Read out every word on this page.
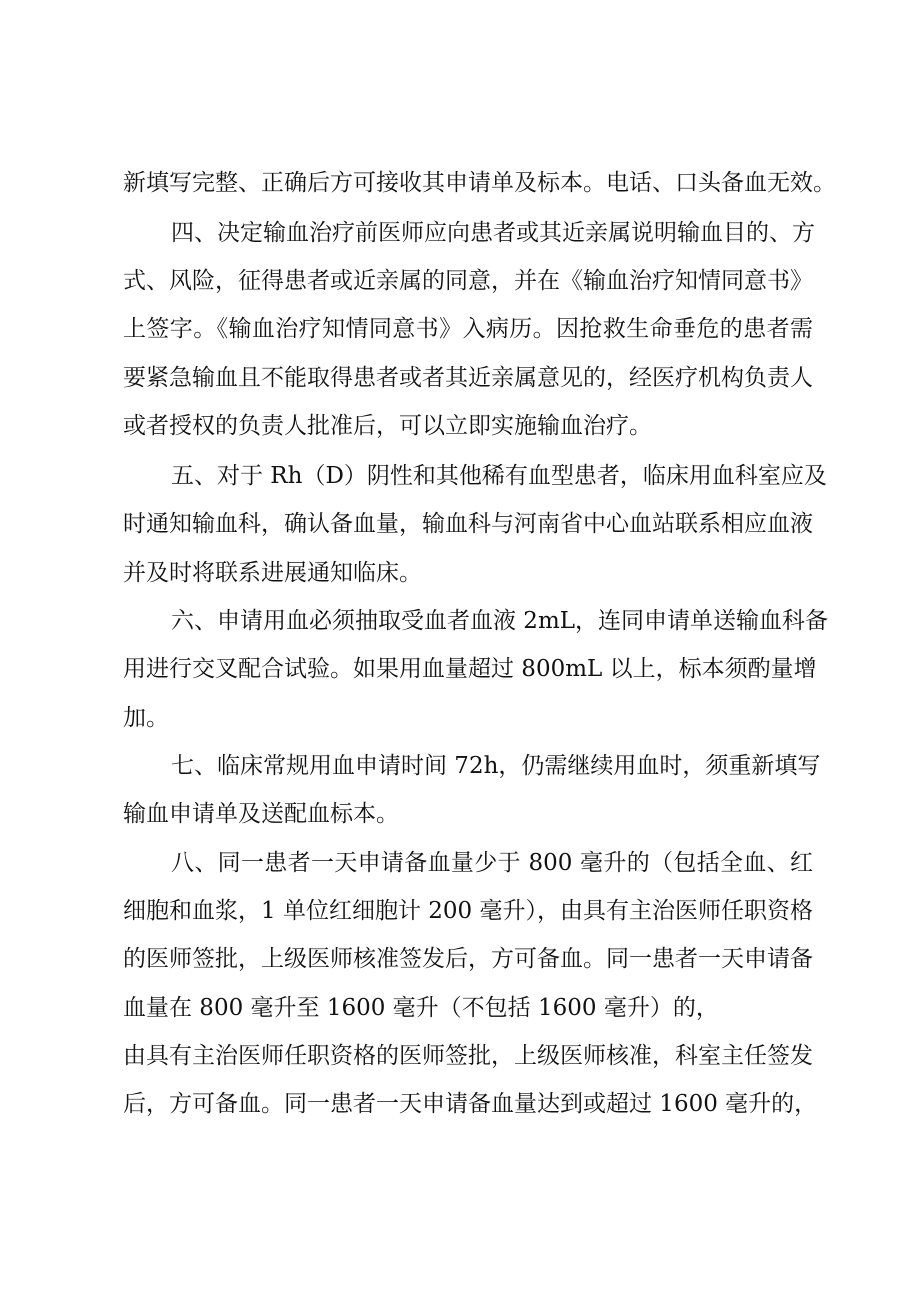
新填写完整、正确后方可接收其申请单及标本。电话、口头备血无效。

四、决定输血治疗前医师应向患者或其近亲属说明输血目的、方

式、风险，征得患者或近亲属的同意，并在《输血治疗知情同意书》

上签字。《输血治疗知情同意书》入病历。因抢救生命垂危的患者需

要紧急输血且不能取得患者或者其近亲属意见的，经医疗机构负责人

或者授权的负责人批准后，可以立即实施输血治疗。

五、对于 Rh（D）阴性和其他稀有血型患者，临床用血科室应及

时通知输血科，确认备血量，输血科与河南省中心血站联系相应血液

并及时将联系进展通知临床。

六、申请用血必须抽取受血者血液 2mL，连同申请单送输血科备

用进行交叉配合试验。如果用血量超过 800mL 以上，标本须酌量增

加。

七、临床常规用血申请时间 72h，仍需继续用血时，须重新填写

输血申请单及送配血标本。

八、同一患者一天申请备血量少于 800 毫升的（包括全血、红

细胞和血浆，1 单位红细胞计 200 毫升），由具有主治医师任职资格

的医师签批，上级医师核准签发后，方可备血。同一患者一天申请备

血量在 800 毫升至 1600 毫升（不包括 1600 毫升）的，

由具有主治医师任职资格的医师签批，上级医师核准，科室主任签发

后，方可备血。同一患者一天申请备血量达到或超过 1600 毫升的，
